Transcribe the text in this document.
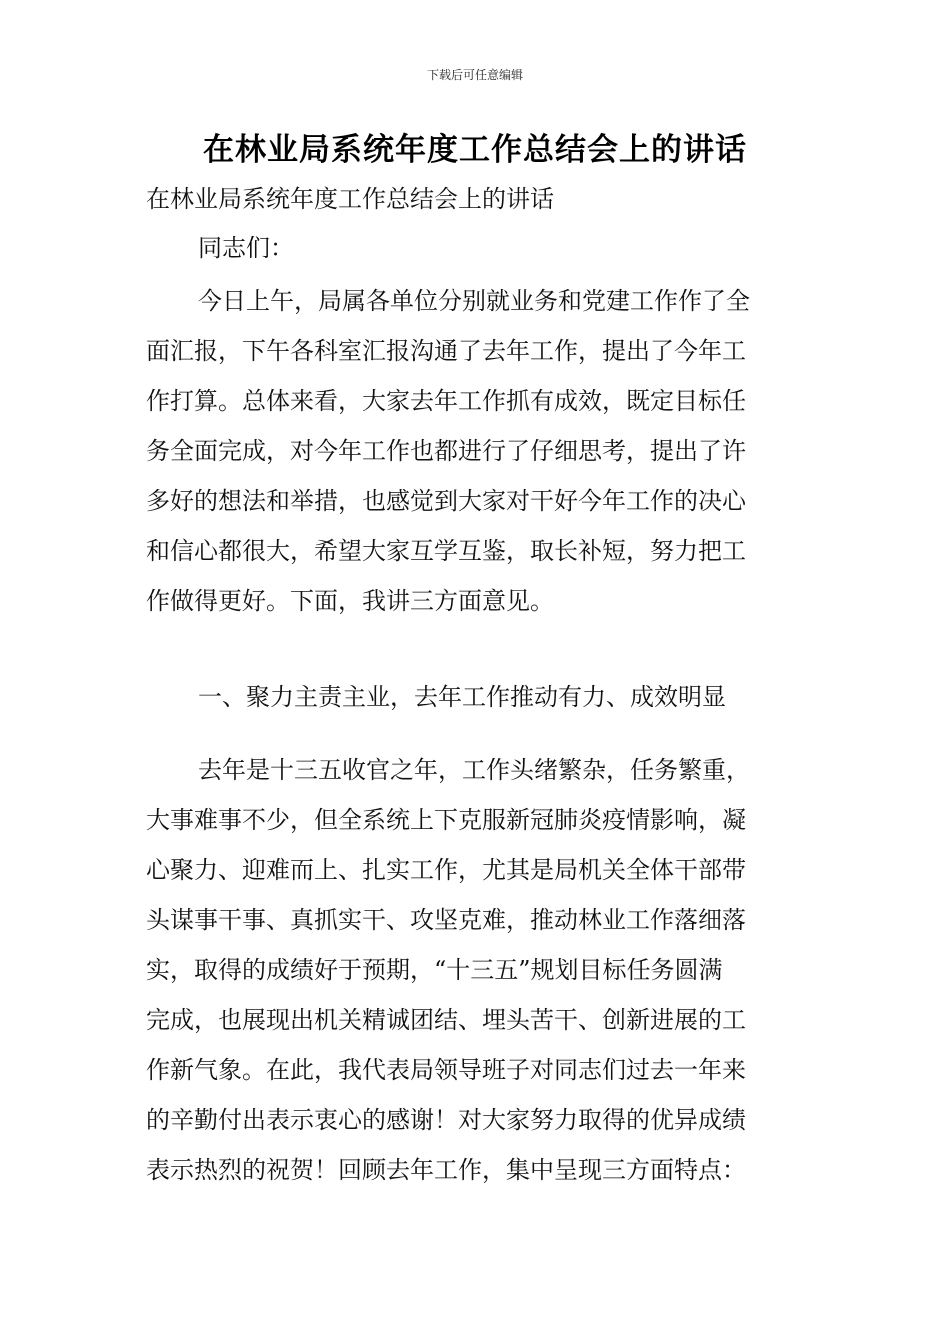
下载后可任意编辑
在林业局系统年度工作总结会上的讲话
在林业局系统年度工作总结会上的讲话
同志们：
今日上午，局属各单位分别就业务和党建工作作了全
面汇报，下午各科室汇报沟通了去年工作，提出了今年工
作打算。总体来看，大家去年工作抓有成效，既定目标任
务全面完成，对今年工作也都进行了仔细思考，提出了许
多好的想法和举措，也感觉到大家对干好今年工作的决心
和信心都很大，希望大家互学互鉴，取长补短，努力把工
作做得更好。下面，我讲三方面意见。
一、聚力主责主业，去年工作推动有力、成效明显
去年是十三五收官之年，工作头绪繁杂，任务繁重，
大事难事不少，但全系统上下克服新冠肺炎疫情影响，凝
心聚力、迎难而上、扎实工作，尤其是局机关全体干部带
头谋事干事、真抓实干、攻坚克难，推动林业工作落细落
实，取得的成绩好于预期，“十三五”规划目标任务圆满
完成，也展现出机关精诚团结、埋头苦干、创新进展的工
作新气象。在此，我代表局领导班子对同志们过去一年来
的辛勤付出表示衷心的感谢！对大家努力取得的优异成绩
表示热烈的祝贺！回顾去年工作，集中呈现三方面特点：
